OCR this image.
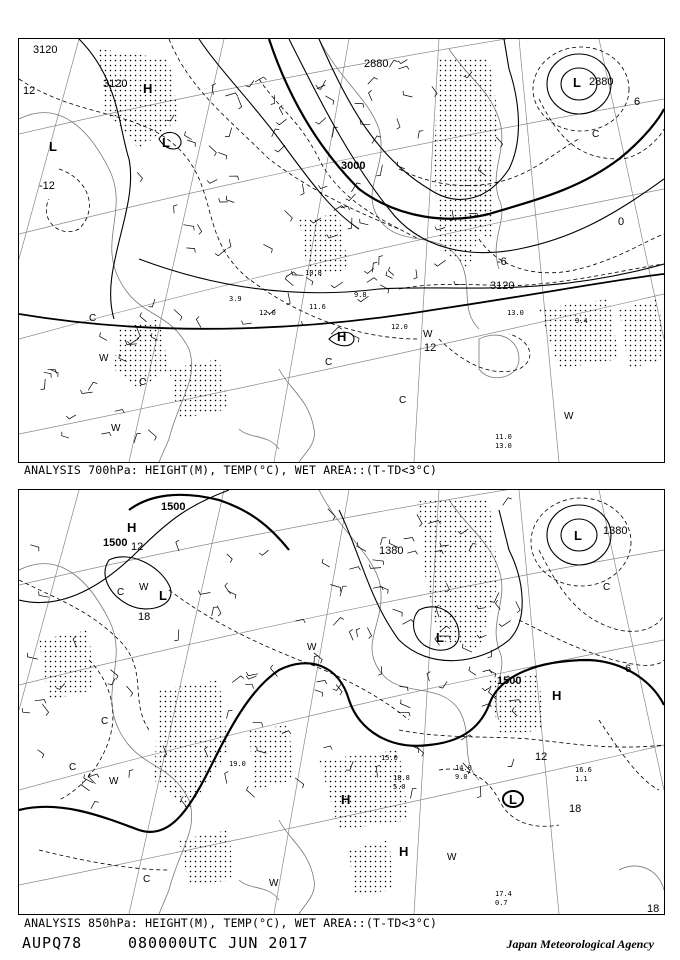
3120
3120
2880
3000
2880
3120
12
-12
0
-6
6
12
H
L
L
L
H
C
C
C
C
C
W
W
W
W
11.0
13.0
9.4
12.0
9.8
13.0
12.0
11.6
10.8
3.9
ANALYSIS 700hPa: HEIGHT(M), TEMP(°C), WET AREA::(T-TD<3°C)
1500
1500
1500
1380
1380
12
18
6
12
18
18
H
L
L
L
L
H
H
H
C
C
C
C
C
W
W
W
W
W
17.4
0.7
16.6
1.1
14.0
9.0
18.8
5.0
19.0
15.0
ANALYSIS 850hPa: HEIGHT(M), TEMP(°C), WET AREA::(T-TD<3°C)
AUPQ78	080000UTC JUN 2017	Japan Meteorological Agency
